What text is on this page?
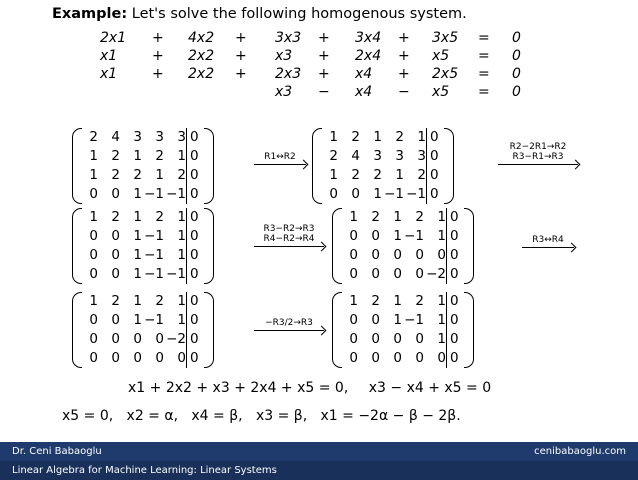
Example: Let's solve the following homogenous system.
2x1 + 4x2 + 3x3 + 3x4 + 3x5 = 0
x1 + 2x2 + x3 + 2x4 + x5 = 0
x1 + 2x2 + 2x3 + x4 + 2x5 = 0
x3 − x4 − x5 = 0
2	4	3	3	3	0
1	2	1	2	1	0
1	2	2	1	2	0
0	0	1	−1	−1	0
R1↔R2
1	2	1	2	1	0
2	4	3	3	3	0
1	2	2	1	2	0
0	0	1	−1	−1	0
R2−2R1→R2
R3−R1→R3
1	2	1	2	1	0
0	0	1	−1	1	0
0	0	1	−1	1	0
0	0	1	−1	−1	0
R3−R2→R3
R4−R2→R4
1	2	1	2	1	0
0	0	1	−1	1	0
0	0	0	0	0	0
0	0	0	0	−2	0
R3↔R4
1	2	1	2	1	0
0	0	1	−1	1	0
0	0	0	0	−2	0
0	0	0	0	0	0
−R3/2→R3
1	2	1	2	1	0
0	0	1	−1	1	0
0	0	0	0	1	0
0	0	0	0	0	0
x1 + 2x2 + x3 + 2x4 + x5 = 0, x3 − x4 + x5 = 0
x5 = 0,   x2 = α,   x4 = β,   x3 = β,   x1 = −2α − β − 2β.
Dr. Ceni Babaoglu	cenibabaoglu.com
Linear Algebra for Machine Learning: Linear Systems
